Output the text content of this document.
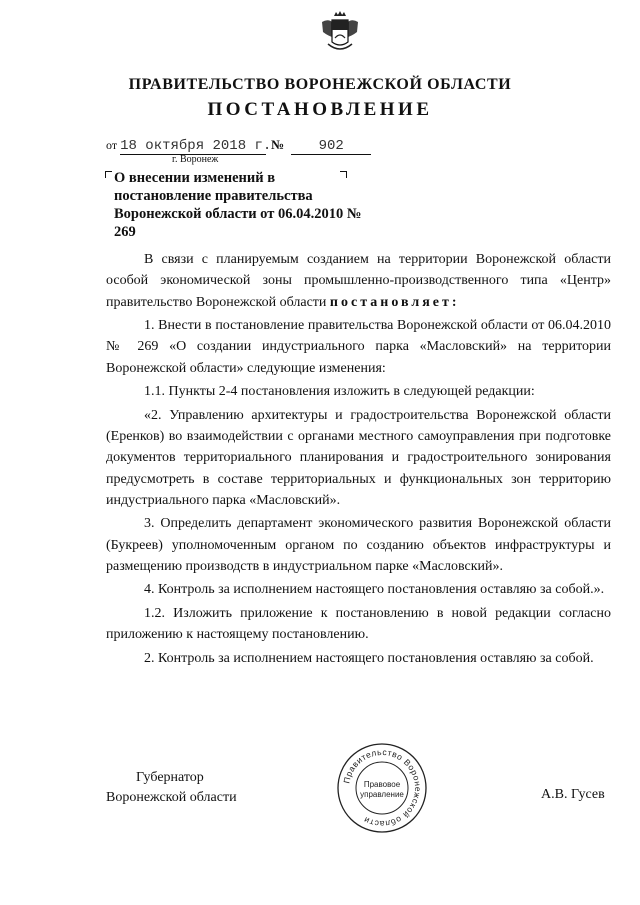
ПРАВИТЕЛЬСТВО ВОРОНЕЖСКОЙ ОБЛАСТИ
ПОСТАНОВЛЕНИЕ
от 18 октября 2018 г. № 902
г. Воронеж
О внесении изменений в постановление правительства Воронежской области от 06.04.2010 № 269

В связи с планируемым созданием на территории Воронежской области особой экономической зоны промышленно-производственного типа «Центр» правительство Воронежской области постановляет:

1. Внести в постановление правительства Воронежской области от 06.04.2010 № 269 «О создании индустриального парка «Масловский» на территории Воронежской области» следующие изменения:

1.1. Пункты 2-4 постановления изложить в следующей редакции:

«2. Управлению архитектуры и градостроительства Воронежской области (Еренков) во взаимодействии с органами местного самоуправления при подготовке документов территориального планирования и градостроительного зонирования предусмотреть в составе территориальных и функциональных зон территорию индустриального парка «Масловский».

3. Определить департамент экономического развития Воронежской области (Букреев) уполномоченным органом по созданию объектов инфраструктуры и размещению производств в индустриальном парке «Масловский».

4. Контроль за исполнением настоящего постановления оставляю за собой.».

1.2. Изложить приложение к постановлению в новой редакции согласно приложению к настоящему постановлению.

2. Контроль за исполнением настоящего постановления оставляю за собой.

Губернатор
Воронежской области
Правительство Воронежской области
Правовое
управление	А.В. Гусев
